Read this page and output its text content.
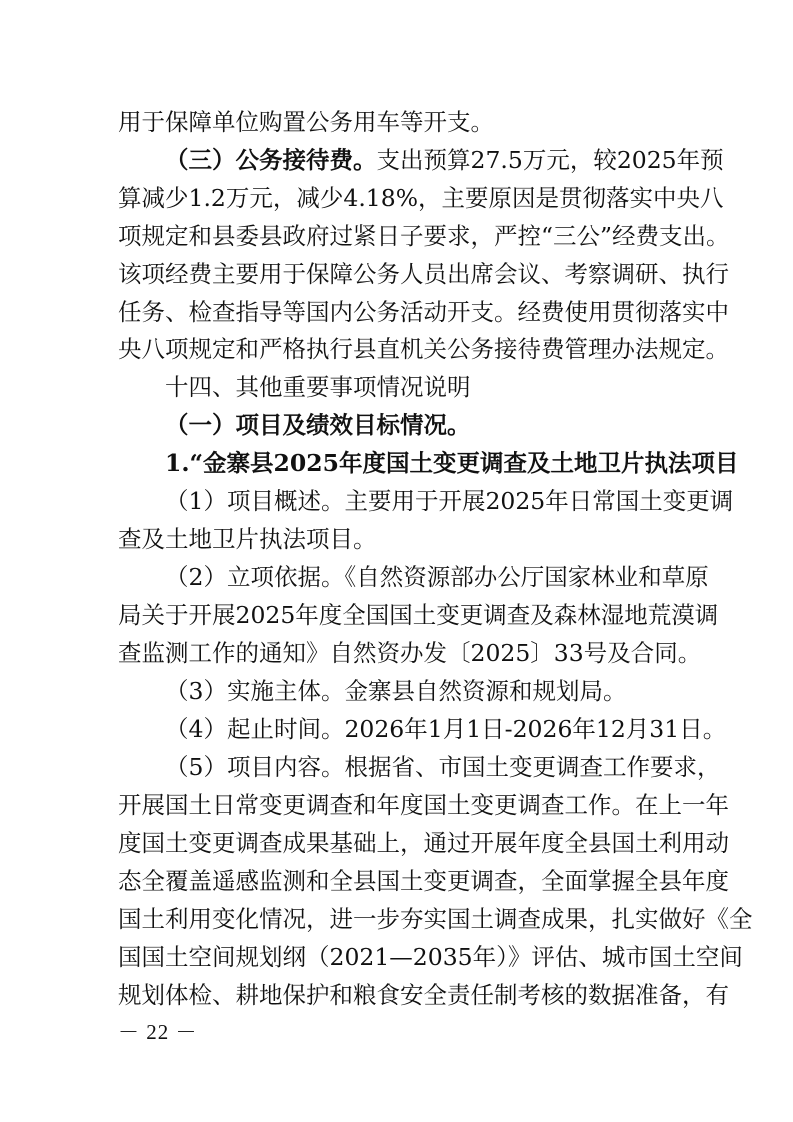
用于保障单位购置公务用车等开支。
（三）公务接待费。支出预算27.5万元，较2025年预
算减少1.2万元，减少4.18%，主要原因是贯彻落实中央八
项规定和县委县政府过紧日子要求，严控“三公”经费支出。
该项经费主要用于保障公务人员出席会议、考察调研、执行
任务、检查指导等国内公务活动开支。经费使用贯彻落实中
央八项规定和严格执行县直机关公务接待费管理办法规定。
十四、其他重要事项情况说明
（一）项目及绩效目标情况。
1.“金寨县2025年度国土变更调查及土地卫片执法项目
（1）项目概述。主要用于开展2025年日常国土变更调
查及土地卫片执法项目。
（2）立项依据。《自然资源部办公厅国家林业和草原
局关于开展2025年度全国国土变更调查及森林湿地荒漠调
查监测工作的通知》自然资办发〔2025〕33号及合同。
（3）实施主体。金寨县自然资源和规划局。
（4）起止时间。2026年1月1日-2026年12月31日。
（5）项目内容。根据省、市国土变更调查工作要求，
开展国土日常变更调查和年度国土变更调查工作。在上一年
度国土变更调查成果基础上，通过开展年度全县国土利用动
态全覆盖遥感监测和全县国土变更调查，全面掌握全县年度
国土利用变化情况，进一步夯实国土调查成果，扎实做好《全
国国土空间规划纲（2021—2035年）》评估、城市国土空间
规划体检、耕地保护和粮食安全责任制考核的数据准备，有
－ 22 －
